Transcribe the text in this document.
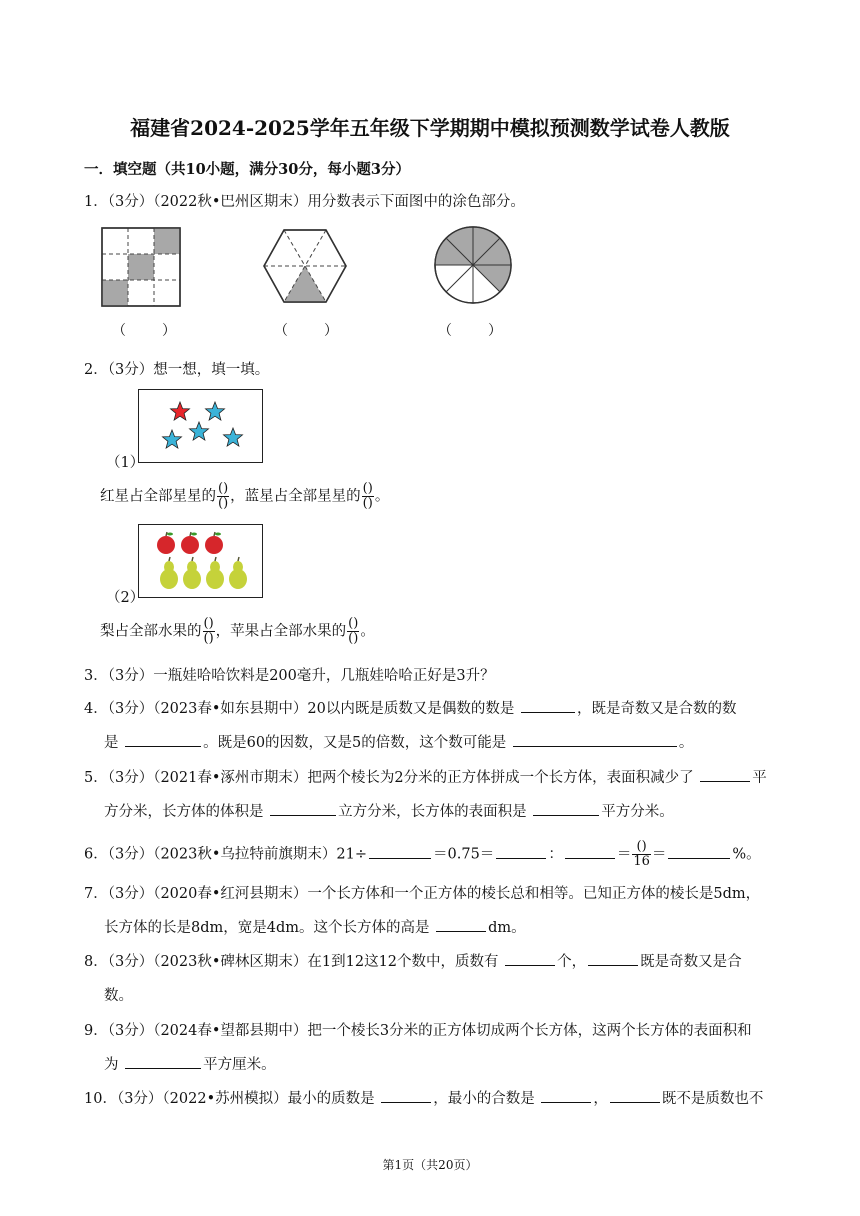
福建省2024-2025学年五年级下学期期中模拟预测数学试卷人教版
一．填空题（共10小题，满分30分，每小题3分）
1．（3分）（2022秋•巴州区期末）用分数表示下面图中的涂色部分。
（	）	（	）	（	）
2．（3分）想一想，填一填。
（1）
红星占全部星星的 $\frac{()}{()}$ ，蓝星占全部星星的 $\frac{()}{()}$ 。
（2）
梨占全部水果的 $\frac{()}{()}$ ，苹果占全部水果的 $\frac{()}{()}$ 。
3．（3分）一瓶娃哈哈饮料是200毫升，几瓶娃哈哈正好是3升？
4．（3分）（2023春•如东县期中）20以内既是质数又是偶数的数是	，既是奇数又是合数的数
是	。既是60的因数，又是5的倍数，这个数可能是	。
5．（3分）（2021春•涿州市期末）把两个棱长为2分米的正方体拼成一个长方体，表面积减少了	平
方分米，长方体的体积是	立方分米，长方体的表面积是	平方分米。
6．（3分）（2023秋•乌拉特前旗期末）21÷	＝0.75＝	：	＝ $\frac{()}{16}$ ＝	%。
7．（3分）（2020春•红河县期末）一个长方体和一个正方体的棱长总和相等。已知正方体的棱长是5dm，
长方体的长是8dm，宽是4dm。这个长方体的高是	dm。
8．（3分）（2023秋•碑林区期末）在1到12这12个数中，质数有	个，	既是奇数又是合
数。
9．（3分）（2024春•望都县期中）把一个棱长3分米的正方体切成两个长方体，这两个长方体的表面积和
为	平方厘米。
10．（3分）（2022•苏州模拟）最小的质数是	，最小的合数是	，	既不是质数也不
第1页（共20页）
